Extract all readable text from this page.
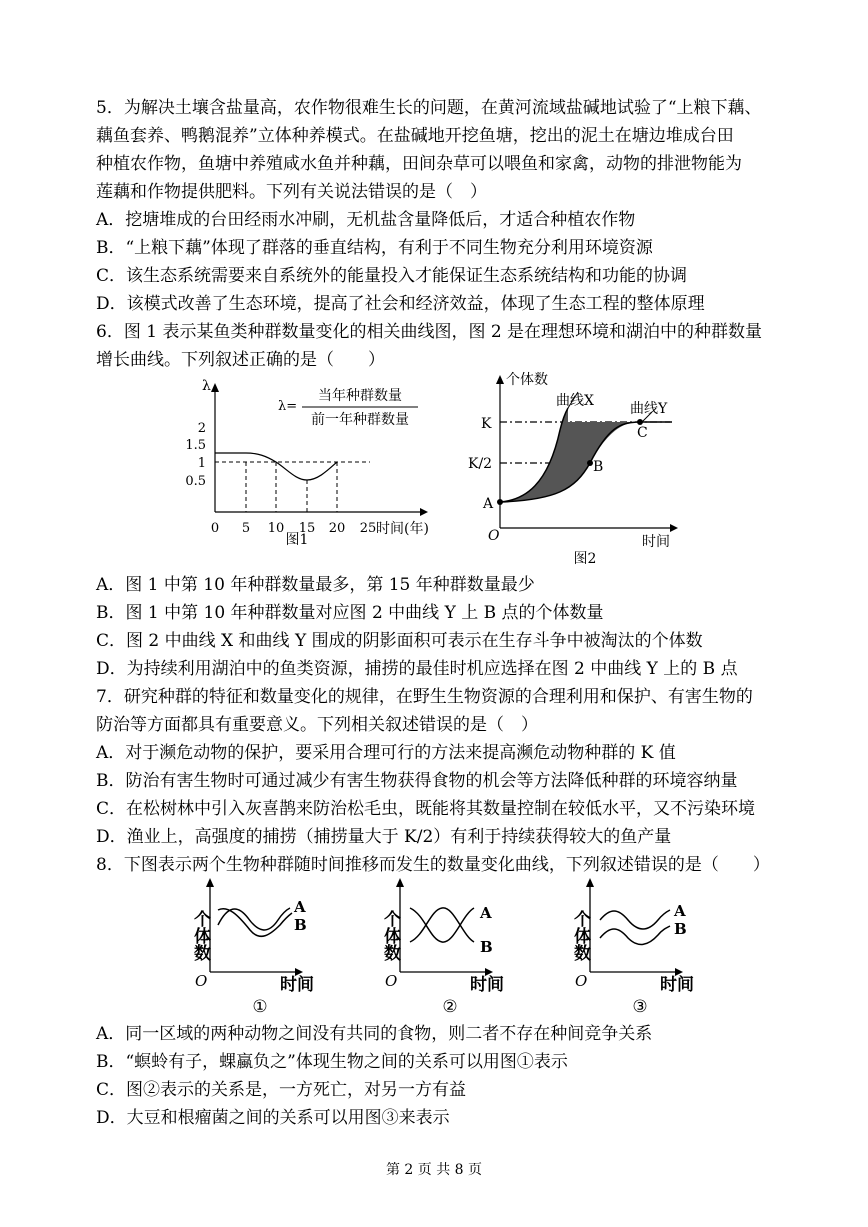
5．为解决土壤含盐量高，农作物很难生长的问题，在黄河流域盐碱地试验了“上粮下藕、
藕鱼套养、鸭鹅混养”立体种养模式。在盐碱地开挖鱼塘，挖出的泥土在塘边堆成台田
种植农作物，鱼塘中养殖咸水鱼并种藕，田间杂草可以喂鱼和家禽，动物的排泄物能为
莲藕和作物提供肥料。下列有关说法错误的是（　）
A．挖塘堆成的台田经雨水冲刷，无机盐含量降低后，才适合种植农作物
B．“上粮下藕”体现了群落的垂直结构，有利于不同生物充分利用环境资源
C．该生态系统需要来自系统外的能量投入才能保证生态系统结构和功能的协调
D．该模式改善了生态环境，提高了社会和经济效益，体现了生态工程的整体原理
6．图 1 表示某鱼类种群数量变化的相关曲线图，图 2 是在理想环境和湖泊中的种群数量
增长曲线。下列叙述正确的是（　　）
λ
2
1.5
1
0.5
0 5 10 15 20 25 时间(年)
λ=
当年种群数量
前一年种群数量
图1
个体数
O	时间
K
K/2
曲线X	曲线Y
A
B
C
图2
A．图 1 中第 10 年种群数量最多，第 15 年种群数量最少
B．图 1 中第 10 年种群数量对应图 2 中曲线 Y 上 B 点的个体数量
C．图 2 中曲线 X 和曲线 Y 围成的阴影面积可表示在生存斗争中被淘汰的个体数
D．为持续利用湖泊中的鱼类资源，捕捞的最佳时机应选择在图 2 中曲线 Y 上的 B 点
7．研究种群的特征和数量变化的规律，在野生生物资源的合理利用和保护、有害生物的
防治等方面都具有重要意义。下列相关叙述错误的是（　）
A．对于濒危动物的保护，要采用合理可行的方法来提高濒危动物种群的 K 值
B．防治有害生物时可通过减少有害生物获得食物的机会等方法降低种群的环境容纳量
C．在松树林中引入灰喜鹊来防治松毛虫，既能将其数量控制在较低水平，又不污染环境
D．渔业上，高强度的捕捞（捕捞量大于 K/2）有利于持续获得较大的鱼产量
8．下图表示两个生物种群随时间推移而发生的数量变化曲线，下列叙述错误的是（　　）
个体数
O	时间
A
B
①
个体数
O	时间
A
B
②
个体数
O	时间
A
B
③
A．同一区域的两种动物之间没有共同的食物，则二者不存在种间竞争关系
B．“螟蛉有子，蜾蠃负之”体现生物之间的关系可以用图①表示
C．图②表示的关系是，一方死亡，对另一方有益
D．大豆和根瘤菌之间的关系可以用图③来表示
第 2 页 共 8 页
